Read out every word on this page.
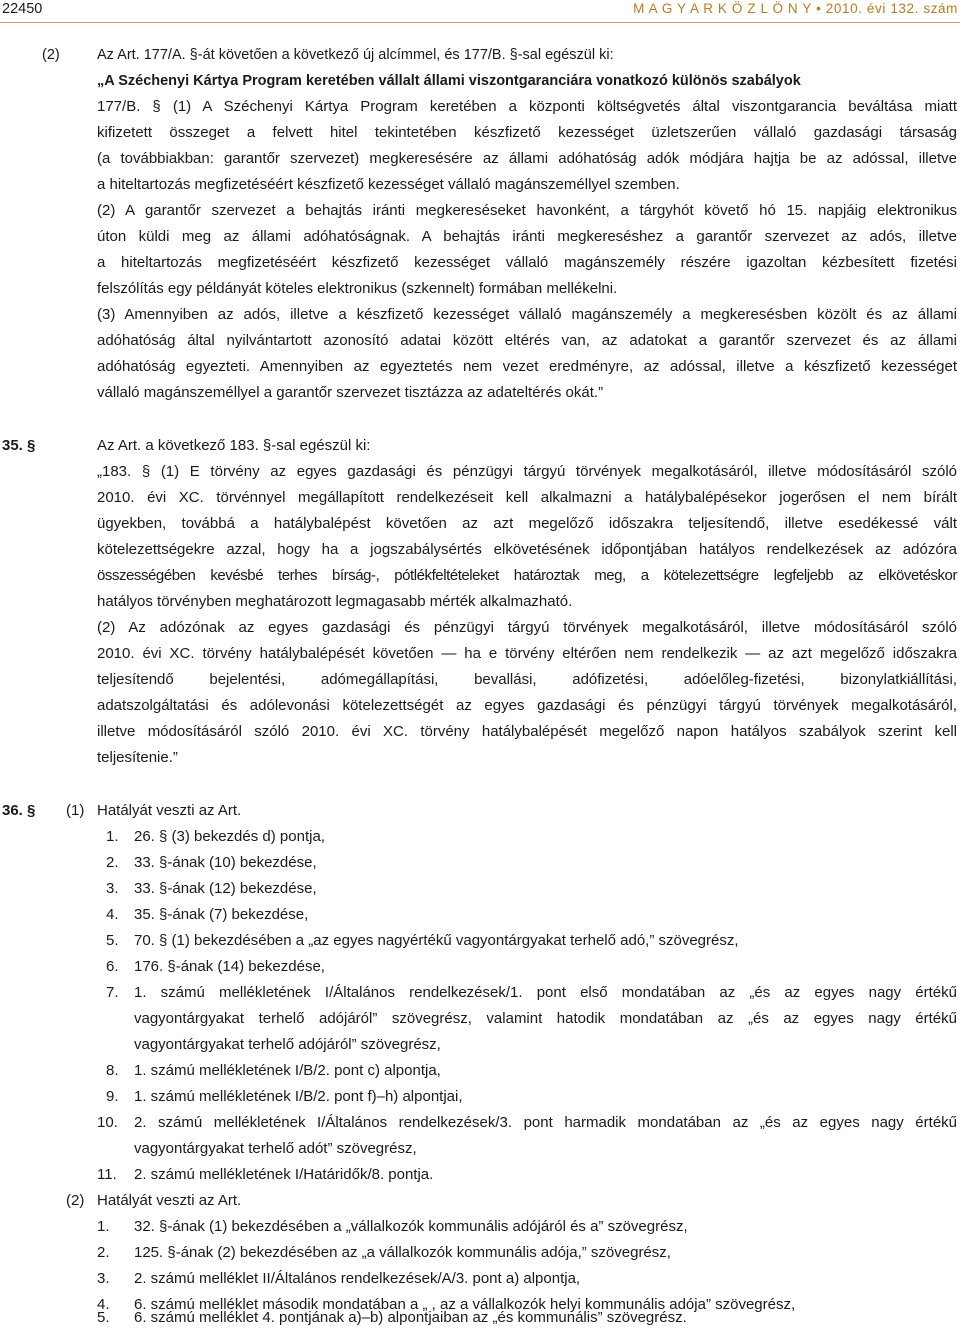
22450	M A G Y A R K Ö Z L Ö N Y • 2010. évi 132. szám
(2)	Az Art. 177/A. §-át követően a következő új alcímmel, és 177/B. §-sal egészül ki:
„A Széchenyi Kártya Program keretében vállalt állami viszontgaranciára vonatkozó különös szabályok
177/B. § (1) A Széchenyi Kártya Program keretében a központi költségvetés által viszontgarancia beváltása miatt
kifizetett összeget a felvett hitel tekintetében készfizető kezességet üzletszerűen vállaló gazdasági társaság
(a továbbiakban: garantőr szervezet) megkeresésére az állami adóhatóság adók módjára hajtja be az adóssal, illetve
a hiteltartozás megfizetéséért készfizető kezességet vállaló magánszeméllyel szemben.
(2) A garantőr szervezet a behajtás iránti megkereséseket havonként, a tárgyhót követő hó 15. napjáig elektronikus
úton küldi meg az állami adóhatóságnak. A behajtás iránti megkereséshez a garantőr szervezet az adós, illetve
a hiteltartozás megfizetéséért készfizető kezességet vállaló magánszemély részére igazoltan kézbesített fizetési
felszólítás egy példányát köteles elektronikus (szkennelt) formában mellékelni.
(3) Amennyiben az adós, illetve a készfizető kezességet vállaló magánszemély a megkeresésben közölt és az állami
adóhatóság által nyilvántartott azonosító adatai között eltérés van, az adatokat a garantőr szervezet és az állami
adóhatóság egyezteti. Amennyiben az egyeztetés nem vezet eredményre, az adóssal, illetve a készfizető kezességet
vállaló magánszeméllyel a garantőr szervezet tisztázza az adateltérés okát.”
35. §	Az Art. a következő 183. §-sal egészül ki:
„183. § (1) E törvény az egyes gazdasági és pénzügyi tárgyú törvények megalkotásáról, illetve módosításáról szóló
2010. évi XC. törvénnyel megállapított rendelkezéseit kell alkalmazni a hatálybalépésekor jogerősen el nem bírált
ügyekben, továbbá a hatálybalépést követően az azt megelőző időszakra teljesítendő, illetve esedékessé vált
kötelezettségekre azzal, hogy ha a jogszabálysértés elkövetésének időpontjában hatályos rendelkezések az adózóra
összességében kevésbé terhes bírság-, pótlékfeltételeket határoztak meg, a kötelezettségre legfeljebb az elkövetéskor
hatályos törvényben meghatározott legmagasabb mérték alkalmazható.
(2) Az adózónak az egyes gazdasági és pénzügyi tárgyú törvények megalkotásáról, illetve módosításáról szóló
2010. évi XC. törvény hatálybalépését követően — ha e törvény eltérően nem rendelkezik — az azt megelőző időszakra
teljesítendő bejelentési, adómegállapítási, bevallási, adófizetési, adóelőleg-fizetési, bizonylatkiállítási,
adatszolgáltatási és adólevonási kötelezettségét az egyes gazdasági és pénzügyi tárgyú törvények megalkotásáról,
illetve módosításáról szóló 2010. évi XC. törvény hatálybalépését megelőző napon hatályos szabályok szerint kell
teljesítenie.”
36. § (1) Hatályát veszti az Art.
1. 26. § (3) bekezdés d) pontja,
2. 33. §-ának (10) bekezdése,
3. 33. §-ának (12) bekezdése,
4. 35. §-ának (7) bekezdése,
5. 70. § (1) bekezdésében a „az egyes nagyértékű vagyontárgyakat terhelő adó,” szövegrész,
6. 176. §-ának (14) bekezdése,
7. 1. számú mellékletének I/Általános rendelkezések/1. pont első mondatában az „és az egyes nagy értékű
vagyontárgyakat terhelő adójáról” szövegrész, valamint hatodik mondatában az „és az egyes nagy értékű
vagyontárgyakat terhelő adójáról” szövegrész,
8. 1. számú mellékletének I/B/2. pont c) alpontja,
9. 1. számú mellékletének I/B/2. pont f)–h) alpontjai,
10. 2. számú mellékletének I/Általános rendelkezések/3. pont harmadik mondatában az „és az egyes nagy értékű
vagyontárgyakat terhelő adót” szövegrész,
11. 2. számú mellékletének I/Határidők/8. pontja.
(2) Hatályát veszti az Art.
1. 32. §-ának (1) bekezdésében a „vállalkozók kommunális adójáról és a” szövegrész,
2. 125. §-ának (2) bekezdésében az „a vállalkozók kommunális adója,” szövegrész,
3. 2. számú melléklet II/Általános rendelkezések/A/3. pont a) alpontja,
4. 6. számú melléklet második mondatában a „ , az a vállalkozók helyi kommunális adója” szövegrész,
5. 6. számú melléklet 4. pontjának a)–b) alpontjaiban az „és kommunális” szövegrész.
